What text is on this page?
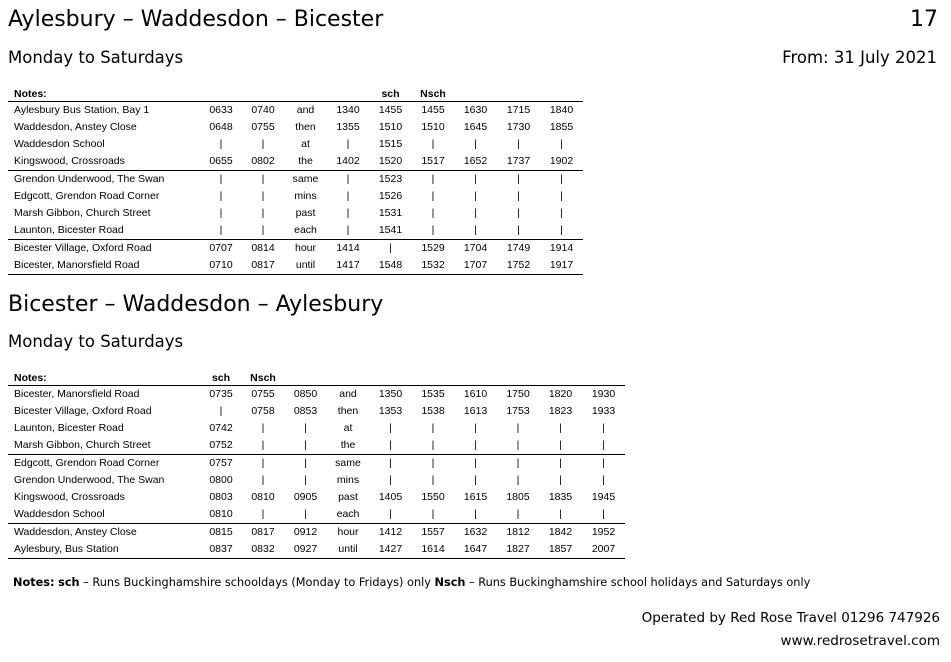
Aylesbury – Waddesdon – Bicester	17
Monday to Saturdays	From: 31 July 2021
Notes:					sch	Nsch			
Aylesbury Bus Station, Bay 1	0633	0740	and	1340	1455	1455	1630	1715	1840
Waddesdon, Anstey Close	0648	0755	then	1355	1510	1510	1645	1730	1855
Waddesdon School	|	|	at	|	1515	|	|	|	|
Kingswood, Crossroads	0655	0802	the	1402	1520	1517	1652	1737	1902
Grendon Underwood, The Swan	|	|	same	|	1523	|	|	|	|
Edgcott, Grendon Road Corner	|	|	mins	|	1526	|	|	|	|
Marsh Gibbon, Church Street	|	|	past	|	1531	|	|	|	|
Launton, Bicester Road	|	|	each	|	1541	|	|	|	|
Bicester Village, Oxford Road	0707	0814	hour	1414	|	1529	1704	1749	1914
Bicester, Manorsfield Road	0710	0817	until	1417	1548	1532	1707	1752	1917
Bicester – Waddesdon – Aylesbury
Monday to Saturdays
Notes:	sch	Nsch								
Bicester, Manorsfield Road	0735	0755	0850	and	1350	1535	1610	1750	1820	1930
Bicester Village, Oxford Road	|	0758	0853	then	1353	1538	1613	1753	1823	1933
Launton, Bicester Road	0742	|	|	at	|	|	|	|	|	|
Marsh Gibbon, Church Street	0752	|	|	the	|	|	|	|	|	|
Edgcott, Grendon Road Corner	0757	|	|	same	|	|	|	|	|	|
Grendon Underwood, The Swan	0800	|	|	mins	|	|	|	|	|	|
Kingswood, Crossroads	0803	0810	0905	past	1405	1550	1615	1805	1835	1945
Waddesdon School	0810	|	|	each	|	|	|	|	|	|
Waddesdon, Anstey Close	0815	0817	0912	hour	1412	1557	1632	1812	1842	1952
Aylesbury, Bus Station	0837	0832	0927	until	1427	1614	1647	1827	1857	2007
Notes: sch – Runs Buckinghamshire schooldays (Monday to Fridays) only Nsch – Runs Buckinghamshire school holidays and Saturdays only
Operated by Red Rose Travel 01296 747926
www.redrosetravel.com
